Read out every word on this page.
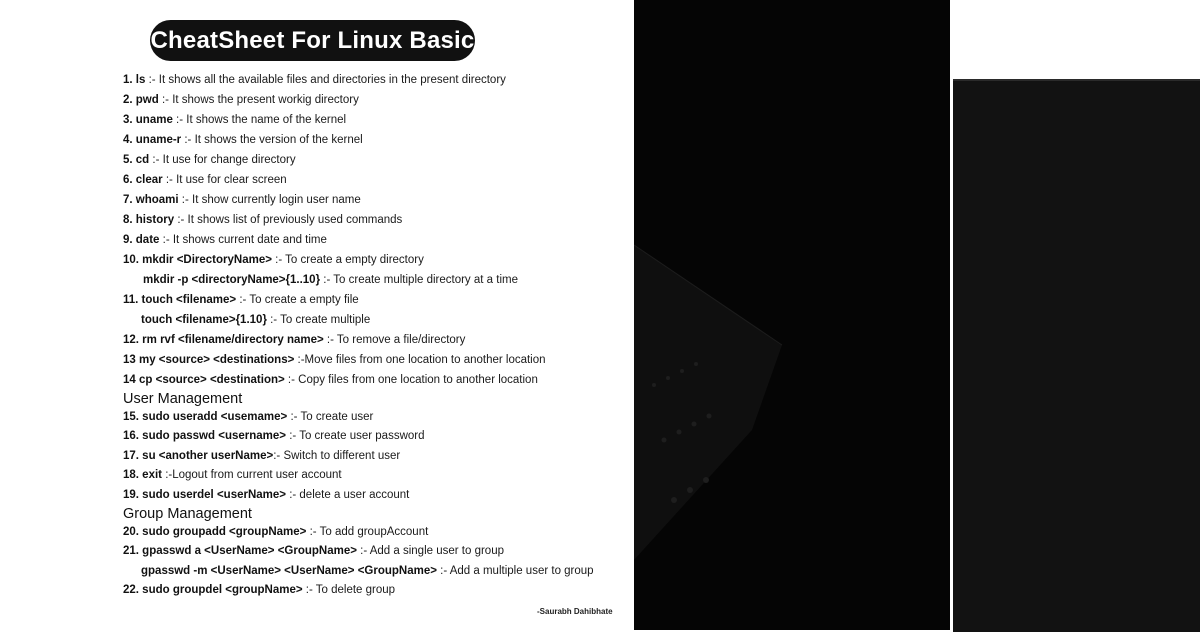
CheatSheet For Linux Basic
1. ls :- It shows all the available files and directories in the present directory
2. pwd :- It shows the present workig directory
3. uname :- It shows the name of the kernel
4. uname-r :- It shows the version of the kernel
5. cd :- It use for change directory
6. clear :- It use for clear screen
7. whoami :- It show currently login user name
8. history :- It shows list of previously used commands
9. date :- It shows current date and time
10. mkdir <DirectoryName> :- To create a empty directory
mkdir -p <directoryName>{1..10} :- To create multiple directory at a time
11. touch <filename> :- To create a empty file
touch <filename>{1.10} :- To create multiple
12. rm rvf <filename/directory name> :- To remove a file/directory
13 my <source> <destinations> :-Move files from one location to another location
14 cp <source> <destination> :- Copy files from one location to another location
User Management
15. sudo useradd <usemame> :- To create user
16. sudo passwd <username> :- To create user password
17. su <another userName>:- Switch to different user
18. exit :-Logout from current user account
19. sudo userdel <userName> :- delete a user account
Group Management
20. sudo groupadd <groupName> :- To add groupAccount
21. gpasswd a <UserName> <GroupName> :- Add a single user to group
gpasswd -m <UserName> <UserName> <GroupName> :- Add a multiple user to group
22. sudo groupdel <groupName> :- To delete group
-Saurabh Dahibhate
